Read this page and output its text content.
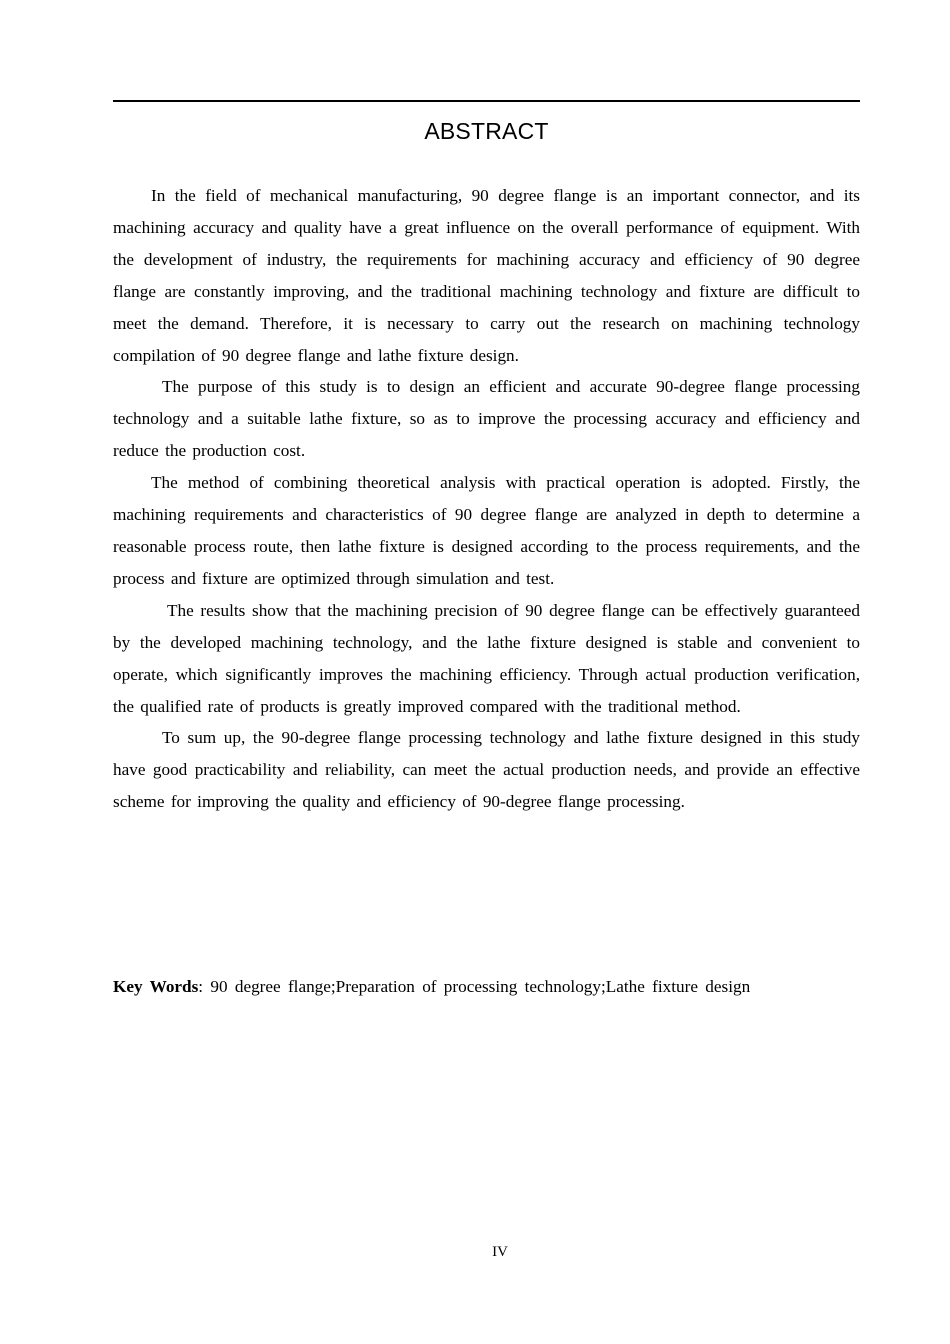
ABSTRACT

In the field of mechanical manufacturing, 90 degree flange is an important connector, and its machining accuracy and quality have a great influence on the overall performance of equipment. With the development of industry, the requirements for machining accuracy and efficiency of 90 degree flange are constantly improving, and the traditional machining technology and fixture are difficult to meet the demand. Therefore, it is necessary to carry out the research on machining technology compilation of 90 degree flange and lathe fixture design.

The purpose of this study is to design an efficient and accurate 90-degree flange processing technology and a suitable lathe fixture, so as to improve the processing accuracy and efficiency and reduce the production cost.

The method of combining theoretical analysis with practical operation is adopted. Firstly, the machining requirements and characteristics of 90 degree flange are analyzed in depth to determine a reasonable process route, then lathe fixture is designed according to the process requirements, and the process and fixture are optimized through simulation and test.

The results show that the machining precision of 90 degree flange can be effectively guaranteed by the developed machining technology, and the lathe fixture designed is stable and convenient to operate, which significantly improves the machining efficiency. Through actual production verification, the qualified rate of products is greatly improved compared with the traditional method.

To sum up, the 90-degree flange processing technology and lathe fixture designed in this study have good practicability and reliability, can meet the actual production needs, and provide an effective scheme for improving the quality and efficiency of 90-degree flange processing.

Key Words: 90 degree flange;Preparation of processing technology;Lathe fixture design
IV
